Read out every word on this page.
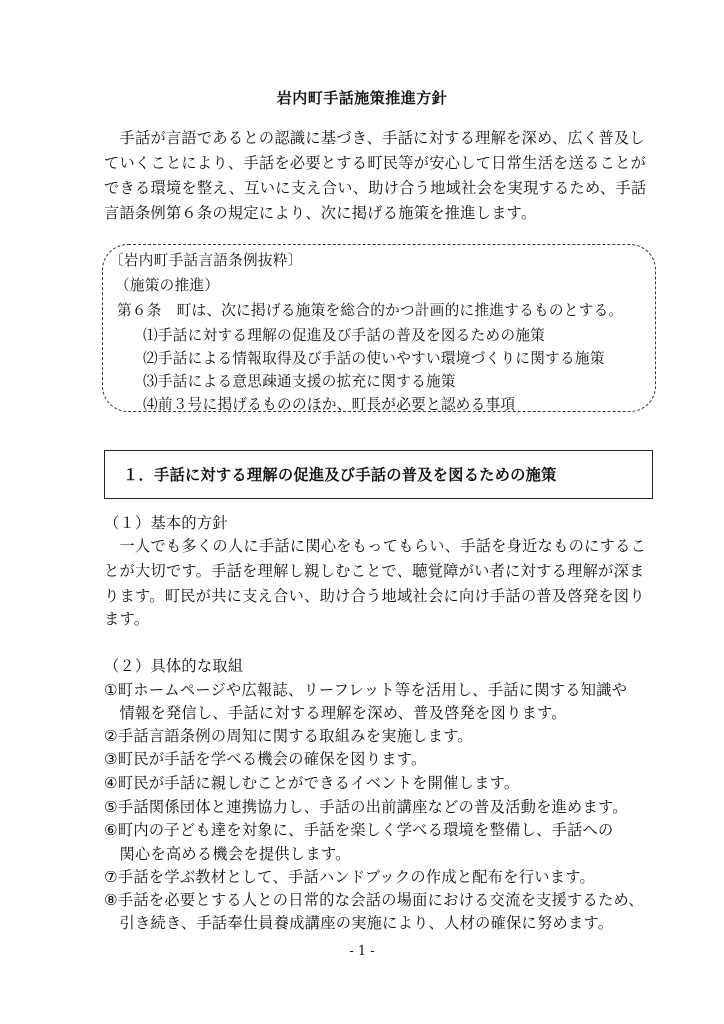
岩内町手話施策推進方針
　手話が言語であるとの認識に基づき、手話に対する理解を深め、広く普及し
ていくことにより、手話を必要とする町民等が安心して日常生活を送ることが
できる環境を整え、互いに支え合い、助け合う地域社会を実現するため、手話
言語条例第６条の規定により、次に掲げる施策を推進します。
〔岩内町手話言語条例抜粋〕
（施策の推進）
第６条　町は、次に掲げる施策を総合的かつ計画的に推進するものとする。
⑴手話に対する理解の促進及び手話の普及を図るための施策
⑵手話による情報取得及び手話の使いやすい環境づくりに関する施策
⑶手話による意思疎通支援の拡充に関する施策
⑷前３号に掲げるもののほか、町長が必要と認める事項
１．手話に対する理解の促進及び手話の普及を図るための施策
（１）基本的方針
　一人でも多くの人に手話に関心をもってもらい、手話を身近なものにするこ
とが大切です。手話を理解し親しむことで、聴覚障がい者に対する理解が深ま
ります。町民が共に支え合い、助け合う地域社会に向け手話の普及啓発を図り
ます。
（２）具体的な取組
①町ホームページや広報誌、リーフレット等を活用し、手話に関する知識や
　情報を発信し、手話に対する理解を深め、普及啓発を図ります。
②手話言語条例の周知に関する取組みを実施します。
③町民が手話を学べる機会の確保を図ります。
④町民が手話に親しむことができるイベントを開催します。
⑤手話関係団体と連携協力し、手話の出前講座などの普及活動を進めます。
⑥町内の子ども達を対象に、手話を楽しく学べる環境を整備し、手話への
　関心を高める機会を提供します。
⑦手話を学ぶ教材として、手話ハンドブックの作成と配布を行います。
⑧手話を必要とする人との日常的な会話の場面における交流を支援するため、
　引き続き、手話奉仕員養成講座の実施により、人材の確保に努めます。
- 1 -
